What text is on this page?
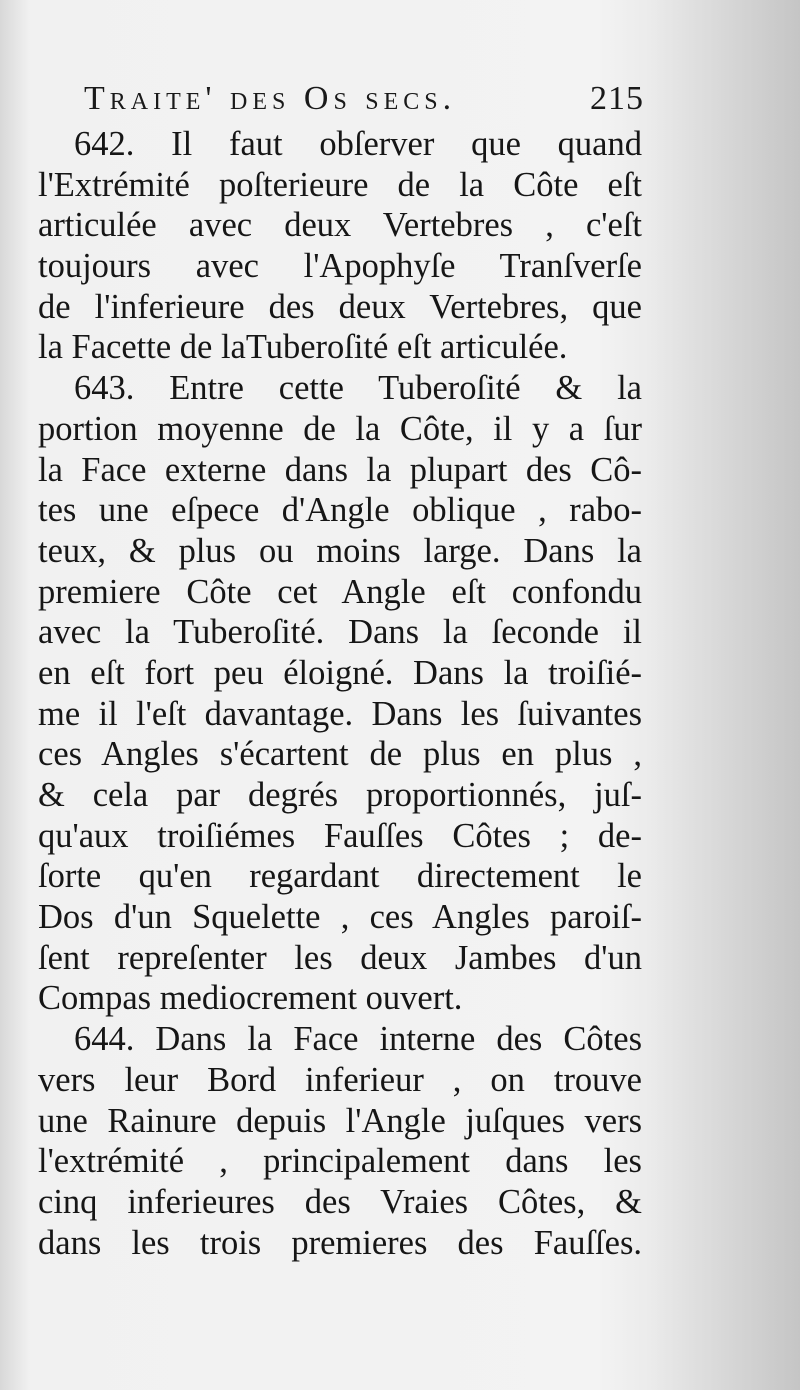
Traite' des Os secs.	215
642. Il faut obſerver que quand
l'Extrémité poſterieure de la Côte eſt
articulée avec deux Vertebres , c'eſt
toujours avec l'Apophyſe Tranſverſe
de l'inferieure des deux Vertebres, que
la Facette de laTuberoſité eſt articulée.
643. Entre cette Tuberoſité & la
portion moyenne de la Côte, il y a ſur
la Face externe dans la plupart des Cô-
tes une eſpece d'Angle oblique , rabo-
teux, & plus ou moins large. Dans la
premiere Côte cet Angle eſt confondu
avec la Tuberoſité. Dans la ſeconde il
en eſt fort peu éloigné. Dans la troiſié-
me il l'eſt davantage. Dans les ſuivantes
ces Angles s'écartent de plus en plus ,
& cela par degrés proportionnés, juſ-
qu'aux troiſiémes Fauſſes Côtes ; de-
ſorte qu'en regardant directement le
Dos d'un Squelette , ces Angles paroiſ-
ſent repreſenter les deux Jambes d'un
Compas mediocrement ouvert.
644. Dans la Face interne des Côtes
vers leur Bord inferieur , on trouve
une Rainure depuis l'Angle juſques vers
l'extrémité , principalement dans les
cinq inferieures des Vraies Côtes, &
dans les trois premieres des Fauſſes.
